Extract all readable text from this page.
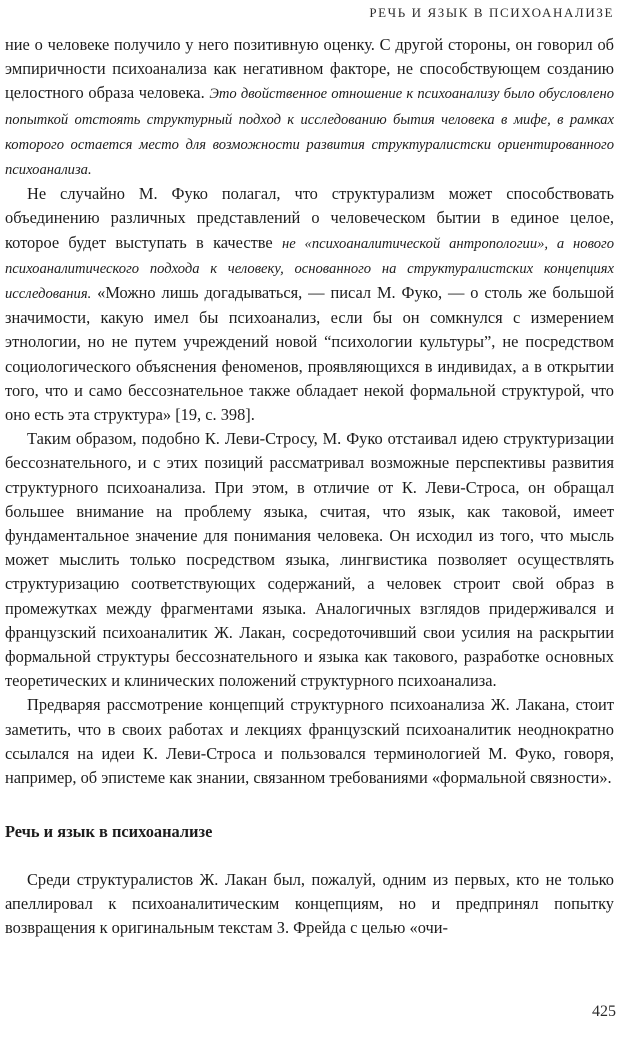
РЕЧЬ И ЯЗЫК В ПСИХОАНАЛИЗЕ

ние о человеке получило у него позитивную оценку. С другой стороны, он говорил об эмпиричности психоанализа как негативном факторе, не способствующем созданию целостного образа человека. Это двойственное отношение к психоанализу было обусловлено попыткой отстоять структурный подход к исследованию бытия человека в мифе, в рамках которого остается место для возможности развития структуралистски ориентированного психоанализа.

Не случайно М. Фуко полагал, что структурализм может способствовать объединению различных представлений о человеческом бытии в единое целое, которое будет выступать в качестве не «психоаналитической антропологии», а нового психоаналитического подхода к человеку, основанного на структуралистских концепциях исследования. «Можно лишь догадываться, — писал М. Фуко, — о столь же большой значимости, какую имел бы психоанализ, если бы он сомкнулся с измерением этнологии, но не путем учреждений новой “психологии культуры”, не посредством социологического объяснения феноменов, проявляющихся в индивидах, а в открытии того, что и само бессознательное также обладает некой формальной структурой, что оно есть эта структура» [19, с. 398].

Таким образом, подобно К. Леви-Стросу, М. Фуко отстаивал идею структуризации бессознательного, и с этих позиций рассматривал возможные перспективы развития структурного психоанализа. При этом, в отличие от К. Леви-Строса, он обращал большее внимание на проблему языка, считая, что язык, как таковой, имеет фундаментальное значение для понимания человека. Он исходил из того, что мысль может мыслить только посредством языка, лингвистика позволяет осуществлять структуризацию соответствующих содержаний, а человек строит свой образ в промежутках между фрагментами языка. Аналогичных взглядов придерживался и французский психоаналитик Ж. Лакан, сосредоточивший свои усилия на раскрытии формальной структуры бессознательного и языка как такового, разработке основных теоретических и клинических положений структурного психоанализа.

Предваряя рассмотрение концепций структурного психоанализа Ж. Лакана, стоит заметить, что в своих работах и лекциях французский психоаналитик неоднократно ссылался на идеи К. Леви-Строса и пользовался терминологией М. Фуко, говоря, например, об эпистеме как знании, связанном требованиями «формальной связности».

Речь и язык в психоанализе

Среди структуралистов Ж. Лакан был, пожалуй, одним из первых, кто не только апеллировал к психоаналитическим концепциям, но и предпринял попытку возвращения к оригинальным текстам З. Фрейда с целью «очи-

425
